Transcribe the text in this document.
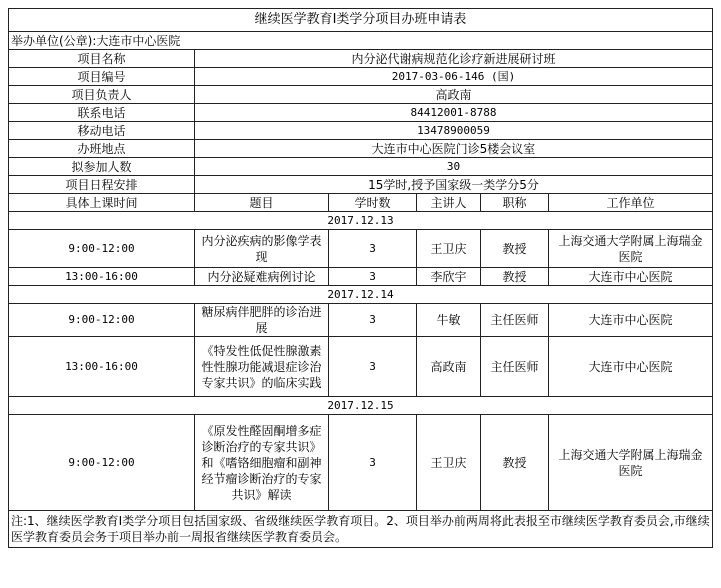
继续医学教育I类学分项目办班申请表					
举办单位(公章):大连市中心医院					
项目名称	内分泌代谢病规范化诊疗新进展研讨班				
项目编号	2017-03-06-146 (国)				
项目负责人	高政南				
联系电话	84412001-8788				
移动电话	13478900059				
办班地点	大连市中心医院门诊5楼会议室				
拟参加人数	30				
项目日程安排	15学时,授予国家级一类学分5分				
具体上课时间	题目	学时数	主讲人	职称	工作单位
2017.12.13					
9:00-12:00	内分泌疾病的影像学表现	3	王卫庆	教授	上海交通大学附属上海瑞金医院
13:00-16:00	内分泌疑难病例讨论	3	李欣宇	教授	大连市中心医院
2017.12.14					
9:00-12:00	糖尿病伴肥胖的诊治进展	3	牛敏	主任医师	大连市中心医院
13:00-16:00	《特发性低促性腺激素性性腺功能减退症诊治专家共识》的临床实践	3	高政南	主任医师	大连市中心医院
2017.12.15					
9:00-12:00	《原发性醛固酮增多症诊断治疗的专家共识》和《嗜铬细胞瘤和副神经节瘤诊断治疗的专家共识》解读	3	王卫庆	教授	上海交通大学附属上海瑞金医院
注:1、继续医学教育I类学分项目包括国家级、省级继续医学教育项目。2、项目举办前两周将此表报至市继续医学教育委员会,市继续医学教育委员会务于项目举办前一周报省继续医学教育委员会。					
